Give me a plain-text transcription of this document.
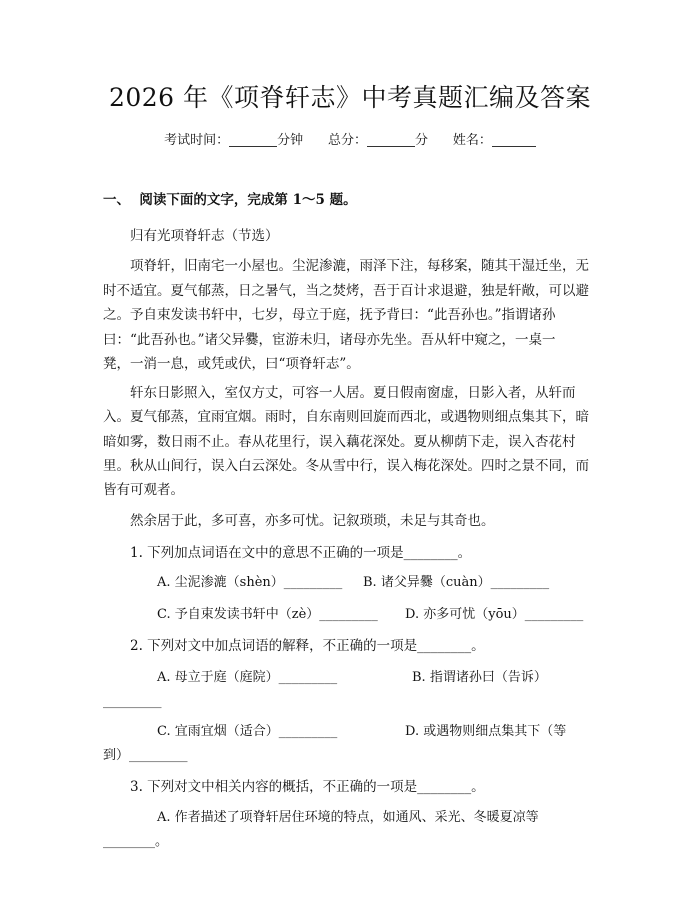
2026 年《项脊轩志》中考真题汇编及答案
考试时间：	分钟 总分：	分 姓名：
一、  阅读下面的文字，完成第 1～5 题。
归有光项脊轩志（节选）
项脊轩，旧南宅一小屋也。尘泥渗漉，雨泽下注，每移案，随其干湿迁坐，无
时不适宜。夏气郁蒸，日之暑气，当之焚烤，吾于百计求退避，独是轩敞，可以避
之。予自束发读书轩中，七岁，母立于庭，抚予背曰：“此吾孙也。”指谓诸孙
曰：“此吾孙也。”诸父异爨，宦游未归，诸母亦先坐。吾从轩中窥之，一桌一
凳，一消一息，或凭或伏，曰“项脊轩志”。
轩东日影照入，室仅方丈，可容一人居。夏日假南窗虚，日影入者，从轩而
入。夏气郁蒸，宜雨宜烟。雨时，自东南则回旋而西北，或遇物则细点集其下，暗
暗如雾，数日雨不止。春从花里行，误入藕花深处。夏从柳荫下走，误入杏花村
里。秋从山间行，误入白云深处。冬从雪中行，误入梅花深处。四时之景不同，而
皆有可观者。
然余居于此，多可喜，亦多可忧。记叙琐琐，未足与其奇也。
1. 下列加点词语在文中的意思不正确的一项是________。
A. 尘泥渗漉（shèn）_________ B. 诸父异爨（cuàn）_________
C. 予自束发读书轩中（zè）_________ D. 亦多可忧（yōu）_________
2. 下列对文中加点词语的解释，不正确的一项是________。
A. 母立于庭（庭院）_________	B. 指谓诸孙曰（告诉）
_________
C. 宜雨宜烟（适合）_________	D. 或遇物则细点集其下（等
到）_________
3. 下列对文中相关内容的概括，不正确的一项是________。
A. 作者描述了项脊轩居住环境的特点，如通风、采光、冬暖夏凉等
________。
